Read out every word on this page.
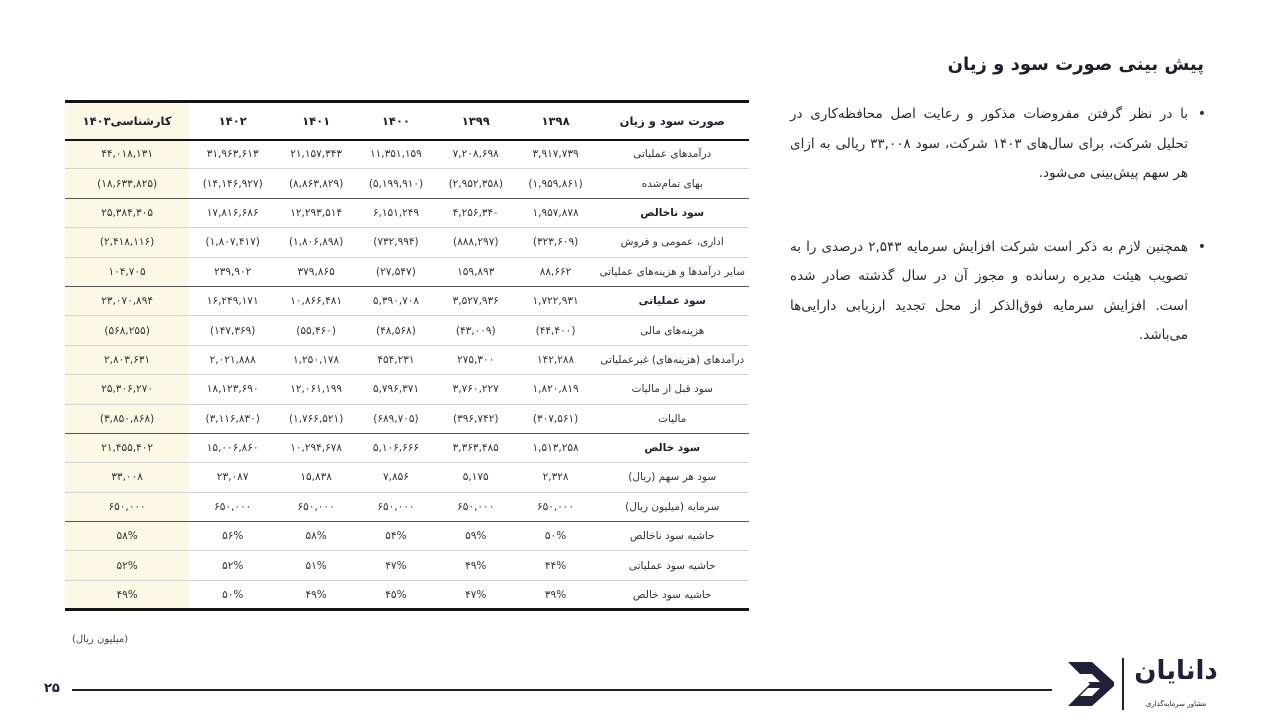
پیش بینی صورت سود و زیان
•
با در نظر گرفتن مفروضات مذکور و رعایت اصل محافظه‌کاری در تحلیل شرکت، برای سال‌های ۱۴۰۳ شرکت، سود ۳۳,۰۰۸ ریالی به ازای هر سهم پیش‌بینی می‌شود.
•
همچنین لازم به ذکر است شرکت افزایش سرمایه ۲,۵۴۳ درصدی را به تصویب هیئت مدیره رسانده و مجوز آن در سال گذشته صادر شده است. افزایش سرمایه فوق‌الذکر از محل تجدید ارزیابی دارایی‌ها می‌باشد.
صورت سود و زیان	۱۳۹۸	۱۳۹۹	۱۴۰۰	۱۴۰۱	۱۴۰۲	کارشناسی۱۴۰۳
درآمدهای عملیاتی	۳,۹۱۷,۷۳۹	۷,۲۰۸,۶۹۸	۱۱,۳۵۱,۱۵۹	۲۱,۱۵۷,۳۴۳	۳۱,۹۶۳,۶۱۳	۴۴,۰۱۸,۱۳۱
بهای تمام‌شده	(۱,۹۵۹,۸۶۱)	(۲,۹۵۲,۳۵۸)	(۵,۱۹۹,۹۱۰)	(۸,۸۶۳,۸۲۹)	(۱۴,۱۴۶,۹۲۷)	(۱۸,۶۳۳,۸۲۵)
سود ناخالص	۱,۹۵۷,۸۷۸	۴,۲۵۶,۳۴۰	۶,۱۵۱,۲۴۹	۱۲,۲۹۳,۵۱۴	۱۷,۸۱۶,۶۸۶	۲۵,۳۸۴,۳۰۵
اداری، عمومی و فروش	(۳۲۳,۶۰۹)	(۸۸۸,۲۹۷)	(۷۳۲,۹۹۴)	(۱,۸۰۶,۸۹۸)	(۱,۸۰۷,۴۱۷)	(۲,۴۱۸,۱۱۶)
سایر درآمدها و هزینه‌های عملیاتی	۸۸,۶۶۲	۱۵۹,۸۹۳	(۲۷,۵۴۷)	۳۷۹,۸۶۵	۲۳۹,۹۰۲	۱۰۴,۷۰۵
سود عملیاتی	۱,۷۲۲,۹۳۱	۳,۵۲۷,۹۳۶	۵,۳۹۰,۷۰۸	۱۰,۸۶۶,۴۸۱	۱۶,۲۴۹,۱۷۱	۲۳,۰۷۰,۸۹۴
هزینه‌های مالی	(۴۴,۴۰۰)	(۴۳,۰۰۹)	(۴۸,۵۶۸)	(۵۵,۴۶۰)	(۱۴۷,۳۶۹)	(۵۶۸,۲۵۵)
درآمدهای (هزینه‌های) غیرعملیاتی	۱۴۲,۲۸۸	۲۷۵,۳۰۰	۴۵۴,۲۳۱	۱,۲۵۰,۱۷۸	۲,۰۲۱,۸۸۸	۲,۸۰۳,۶۳۱
سود قبل از مالیات	۱,۸۲۰,۸۱۹	۳,۷۶۰,۲۲۷	۵,۷۹۶,۳۷۱	۱۲,۰۶۱,۱۹۹	۱۸,۱۲۳,۶۹۰	۲۵,۳۰۶,۲۷۰
مالیات	(۳۰۷,۵۶۱)	(۳۹۶,۷۴۲)	(۶۸۹,۷۰۵)	(۱,۷۶۶,۵۲۱)	(۳,۱۱۶,۸۳۰)	(۳,۸۵۰,۸۶۸)
سود خالص	۱,۵۱۳,۲۵۸	۳,۳۶۳,۴۸۵	۵,۱۰۶,۶۶۶	۱۰,۲۹۴,۶۷۸	۱۵,۰۰۶,۸۶۰	۲۱,۴۵۵,۴۰۲
سود هر سهم (ریال)	۲,۳۲۸	۵,۱۷۵	۷,۸۵۶	۱۵,۸۳۸	۲۳,۰۸۷	۳۳,۰۰۸
سرمایه (میلیون ریال)	۶۵۰,۰۰۰	۶۵۰,۰۰۰	۶۵۰,۰۰۰	۶۵۰,۰۰۰	۶۵۰,۰۰۰	۶۵۰,۰۰۰
حاشیه سود ناخالص	۵۰%	۵۹%	۵۴%	۵۸%	۵۶%	۵۸%
حاشیه سود عملیاتی	۴۴%	۴۹%	۴۷%	۵۱%	۵۲%	۵۲%
حاشیه سود خالص	۳۹%	۴۷%	۴۵%	۴۹%	۵۰%	۴۹%
(میلیون ریال)
۲۵
دانایان
مشاور سرمایه‌گذاری
